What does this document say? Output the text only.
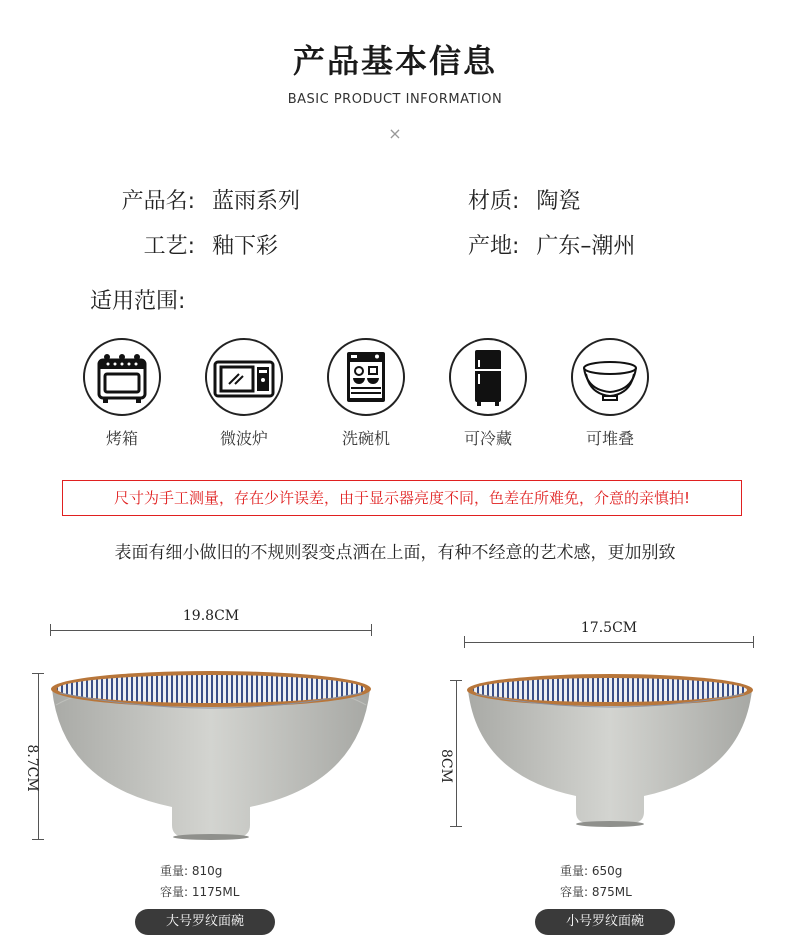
产品基本信息
BASIC PRODUCT INFORMATION
×
产品名: 蓝雨系列	材质: 陶瓷
工艺: 釉下彩	产地: 广东–潮州
适用范围:
烤箱	微波炉	洗碗机	可冷藏	可堆叠
尺寸为手工测量，存在少许误差，由于显示器亮度不同，色差在所难免，介意的亲慎拍!
表面有细小做旧的不规则裂变点洒在上面，有种不经意的艺术感，更加别致
19.8CM
8.7CM
17.5CM
8CM
重量: 810g
容量: 1175ML
重量: 650g
容量: 875ML
大号罗纹面碗	小号罗纹面碗
